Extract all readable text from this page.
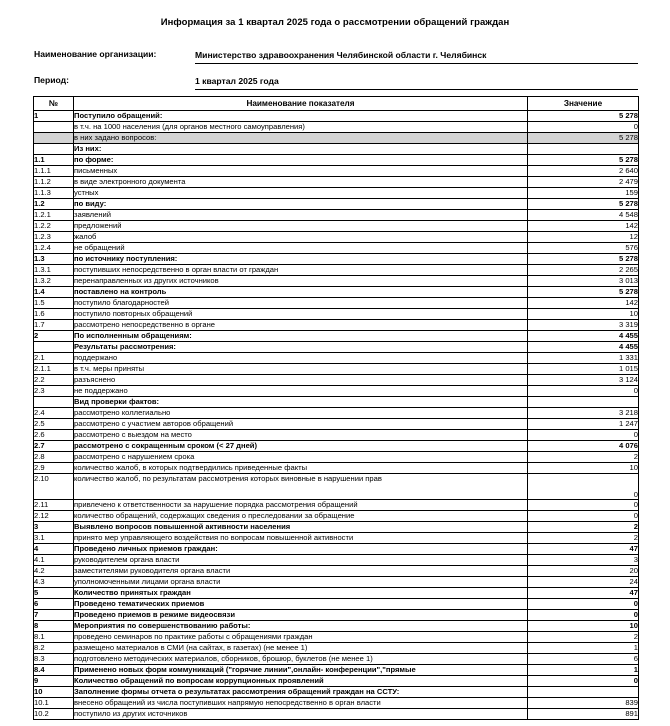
Информация за 1 квартал 2025 года о рассмотрении обращений граждан
Наименование организации:	Министерство здравоохранения Челябинской области г. Челябинск
Период:	1 квартал 2025 года
№	Наименование показателя	Значение
1	Поступило обращений:	5 278
	в т.ч. на 1000 населения (для органов местного самоуправления)	0
	в них задано вопросов:	5 278
	Из них:	
1.1	по форме:	5 278
1.1.1	письменных	2 640
1.1.2	в виде электронного документа	2 479
1.1.3	устных	159
1.2	по виду:	5 278
1.2.1	заявлений	4 548
1.2.2	предложений	142
1.2.3	жалоб	12
1.2.4	не обращений	576
1.3	по источнику поступления:	5 278
1.3.1	поступивших непосредственно в орган власти от граждан	2 265
1.3.2	перенаправленных из других источников	3 013
1.4	поставлено на контроль	5 278
1.5	поступило благодарностей	142
1.6	поступило повторных обращений	10
1.7	рассмотрено непосредственно в органе	3 319
2	По исполненным обращениям:	4 455
	Результаты рассмотрения:	4 455
2.1	поддержано	1 331
2.1.1	в т.ч. меры приняты	1 015
2.2	разъяснено	3 124
2.3	не поддержано	0
	Вид проверки фактов:	
2.4	рассмотрено коллегиально	3 218
2.5	рассмотрено с участием авторов обращений	1 247
2.6	рассмотрено с выездом на место	0
2.7	рассмотрено с сокращенным сроком (< 27 дней)	4 076
2.8	рассмотрено с нарушением срока	2
2.9	количество жалоб, в которых подтвердились приведенные факты	10
2.10	количество жалоб, по результатам рассмотрения которых виновные в нарушении прав	0
2.11	привлечено к ответственности за нарушение порядка рассмотрения обращений	0
2.12	количество обращений, содержащих сведения о преследовании за обращение	0
3	Выявлено вопросов повышенной активности населения	2
3.1	принято мер управляющего воздействия по вопросам повышенной активности	2
4	Проведено личных приемов граждан:	47
4.1	руководителем органа власти	3
4.2	заместителями руководителя органа власти	20
4.3	уполномоченными лицами органа власти	24
5	Количество принятых граждан	47
6	Проведено тематических приемов	0
7	Проведено приемов в режиме видеосвязи	0
8	Мероприятия по совершенствованию работы:	10
8.1	проведено семинаров по практике работы с обращениями граждан	2
8.2	размещено материалов в СМИ (на сайтах, в газетах) (не менее 1)	1
8.3	подготовлено методических материалов, сборников, брошюр, буклетов (не менее 1)	6
8.4	Применено новых форм коммуникаций ("горячие линии",онлайн- конференции","прямые	1
9	Количество обращений по вопросам коррупционных проявлений	0
10	Заполнение формы отчета о результатах рассмотрения обращений граждан на ССТУ:	
10.1	внесено обращений из числа поступивших напрямую непосредственно в орган власти	839
10.2	поступило из других источников	891
